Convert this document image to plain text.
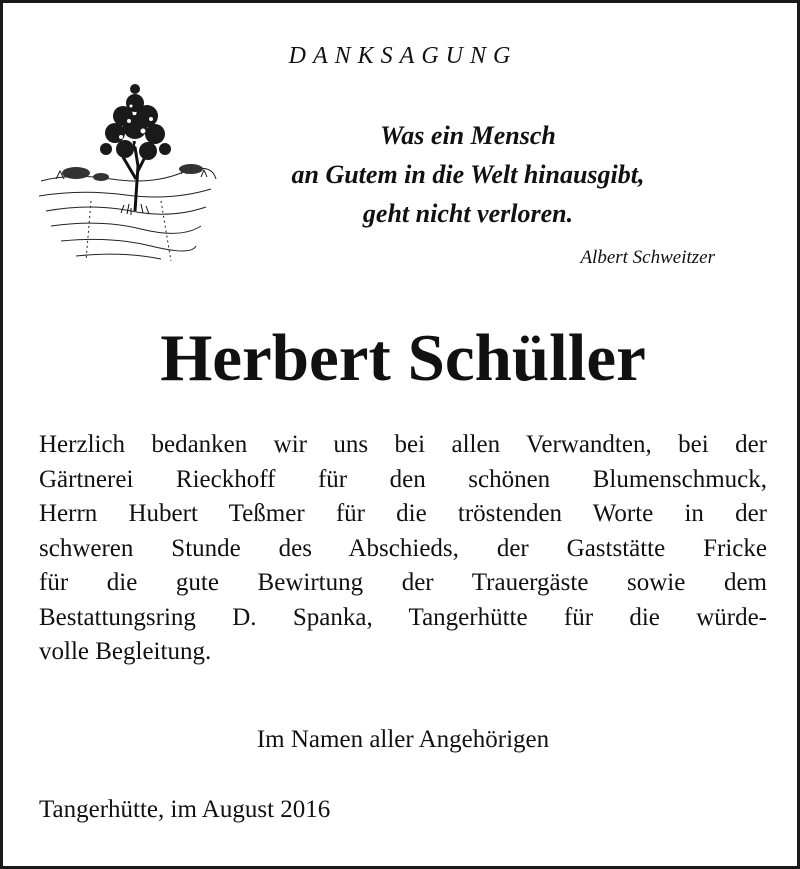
DANKSAGUNG
Was ein Mensch
an Gutem in die Welt hinausgibt,
geht nicht verloren.
Albert Schweitzer
Herbert Schüller
Herzlich bedanken wir uns bei allen Verwandten, bei der
Gärtnerei Rieckhoff für den schönen Blumenschmuck,
Herrn Hubert Teßmer für die tröstenden Worte in der
schweren Stunde des Abschieds, der Gaststätte Fricke
für die gute Bewirtung der Trauergäste sowie dem
Bestattungsring D. Spanka, Tangerhütte für die würde-
volle Begleitung.
Im Namen aller Angehörigen
Tangerhütte, im August 2016
